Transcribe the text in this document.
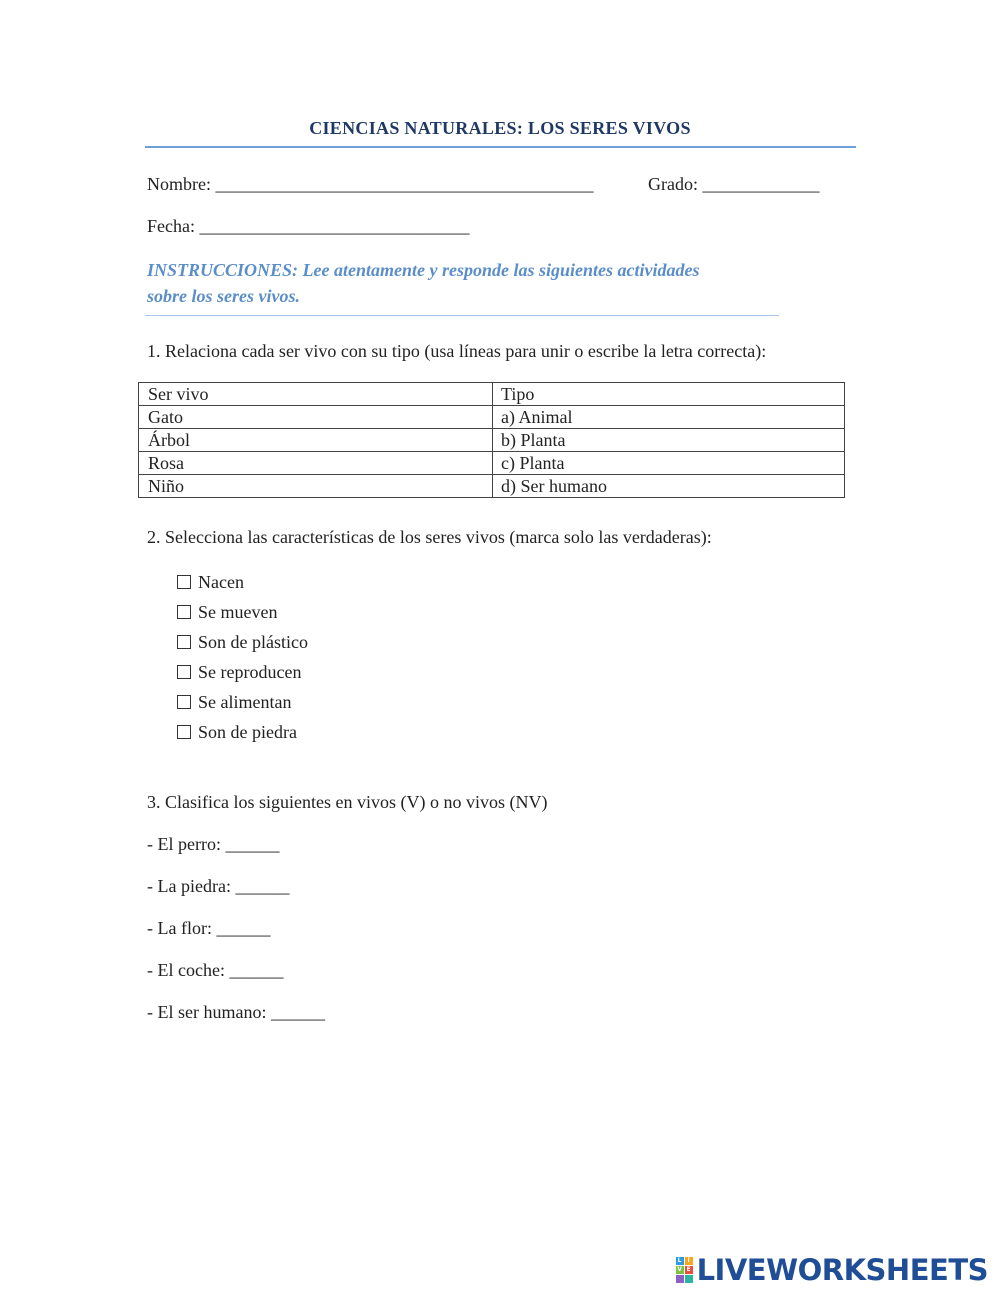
CIENCIAS NATURALES: LOS SERES VIVOS
Nombre: __________________________________________	Grado: _____________
Fecha: ______________________________
INSTRUCCIONES: Lee atentamente y responde las siguientes actividades
sobre los seres vivos.
1. Relaciona cada ser vivo con su tipo (usa líneas para unir o escribe la letra correcta):
Ser vivo	Tipo
Gato	a) Animal
Árbol	b) Planta
Rosa	c) Planta
Niño	d) Ser humano
2. Selecciona las características de los seres vivos (marca solo las verdaderas):
Nacen
Se mueven
Son de plástico
Se reproducen
Se alimentan
Son de piedra
3. Clasifica los siguientes en vivos (V) o no vivos (NV)
- El perro: ______
- La piedra: ______
- La flor: ______
- El coche: ______
- El ser humano: ______
L I
V E LIVEWORKSHEETS
